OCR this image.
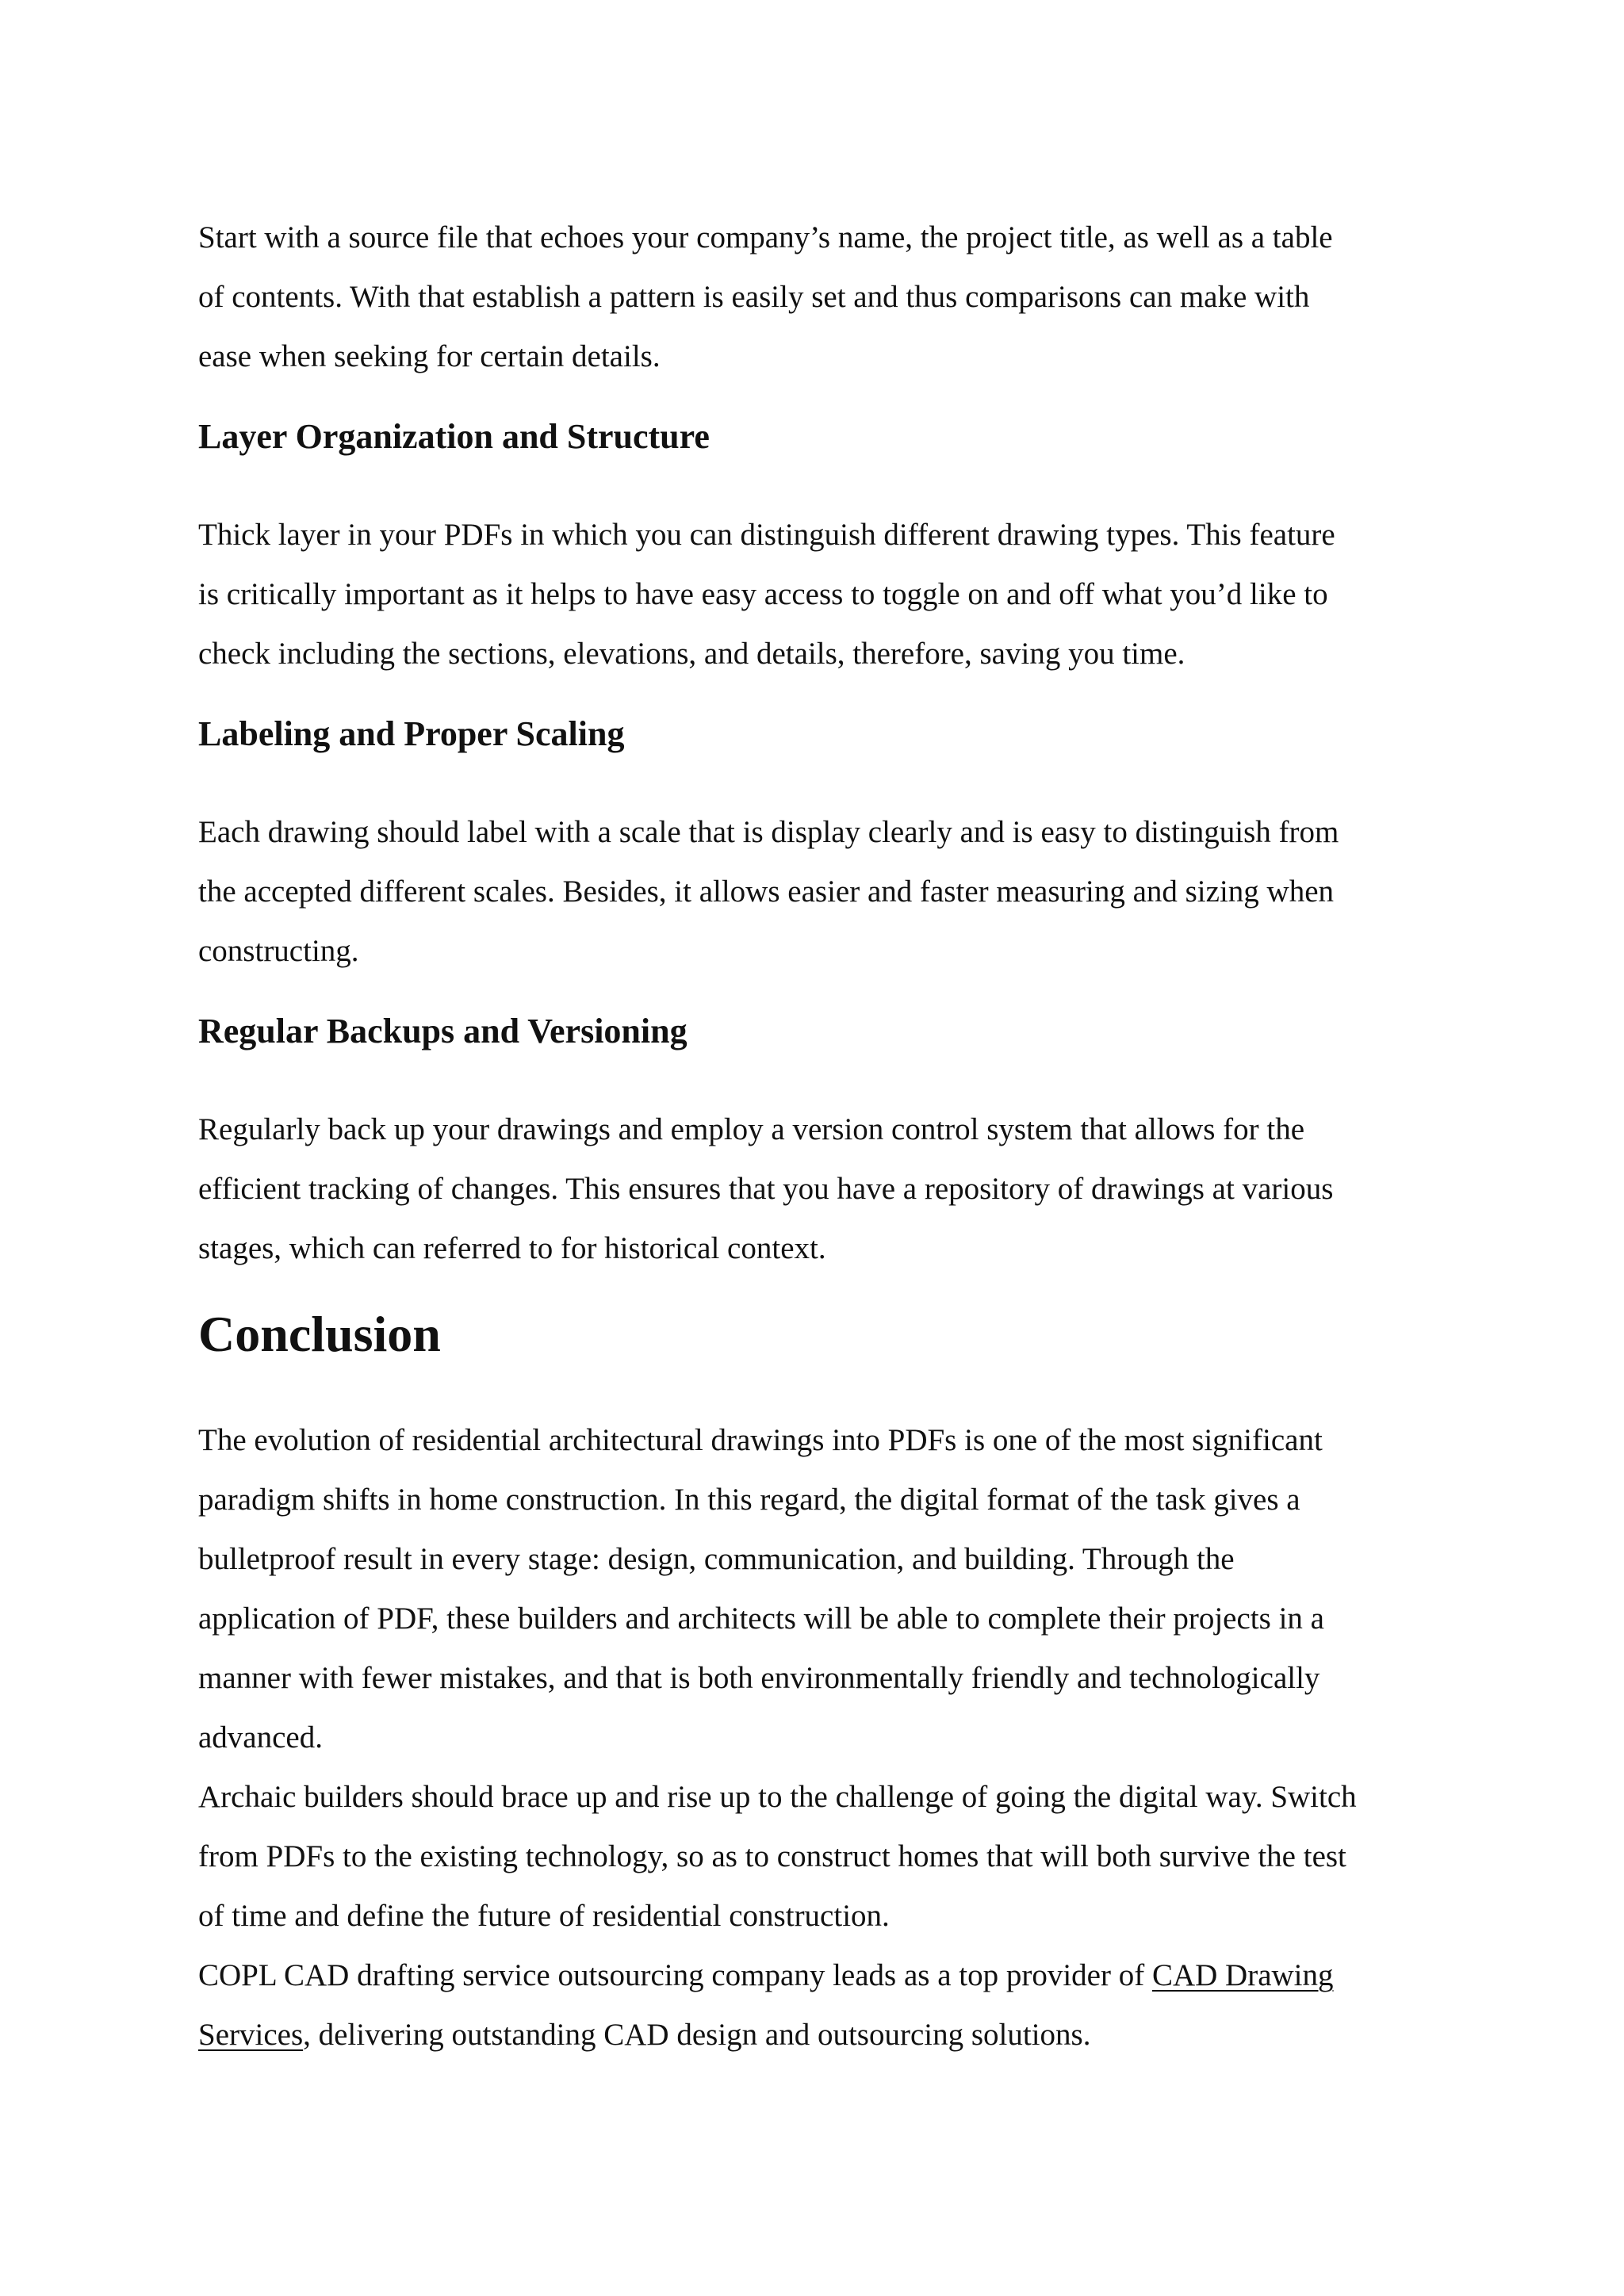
Start with a source file that echoes your company’s name, the project title, as well as a table
of contents. With that establish a pattern is easily set and thus comparisons can make with
ease when seeking for certain details.

Layer Organization and Structure

Thick layer in your PDFs in which you can distinguish different drawing types. This feature
is critically important as it helps to have easy access to toggle on and off what you’d like to
check including the sections, elevations, and details, therefore, saving you time.

Labeling and Proper Scaling

Each drawing should label with a scale that is display clearly and is easy to distinguish from
the accepted different scales. Besides, it allows easier and faster measuring and sizing when
constructing.

Regular Backups and Versioning

Regularly back up your drawings and employ a version control system that allows for the
efficient tracking of changes. This ensures that you have a repository of drawings at various
stages, which can referred to for historical context.

Conclusion

The evolution of residential architectural drawings into PDFs is one of the most significant
paradigm shifts in home construction. In this regard, the digital format of the task gives a
bulletproof result in every stage: design, communication, and building. Through the
application of PDF, these builders and architects will be able to complete their projects in a
manner with fewer mistakes, and that is both environmentally friendly and technologically
advanced.
Archaic builders should brace up and rise up to the challenge of going the digital way. Switch
from PDFs to the existing technology, so as to construct homes that will both survive the test
of time and define the future of residential construction.
COPL CAD drafting service outsourcing company leads as a top provider of CAD Drawing
Services, delivering outstanding CAD design and outsourcing solutions.
